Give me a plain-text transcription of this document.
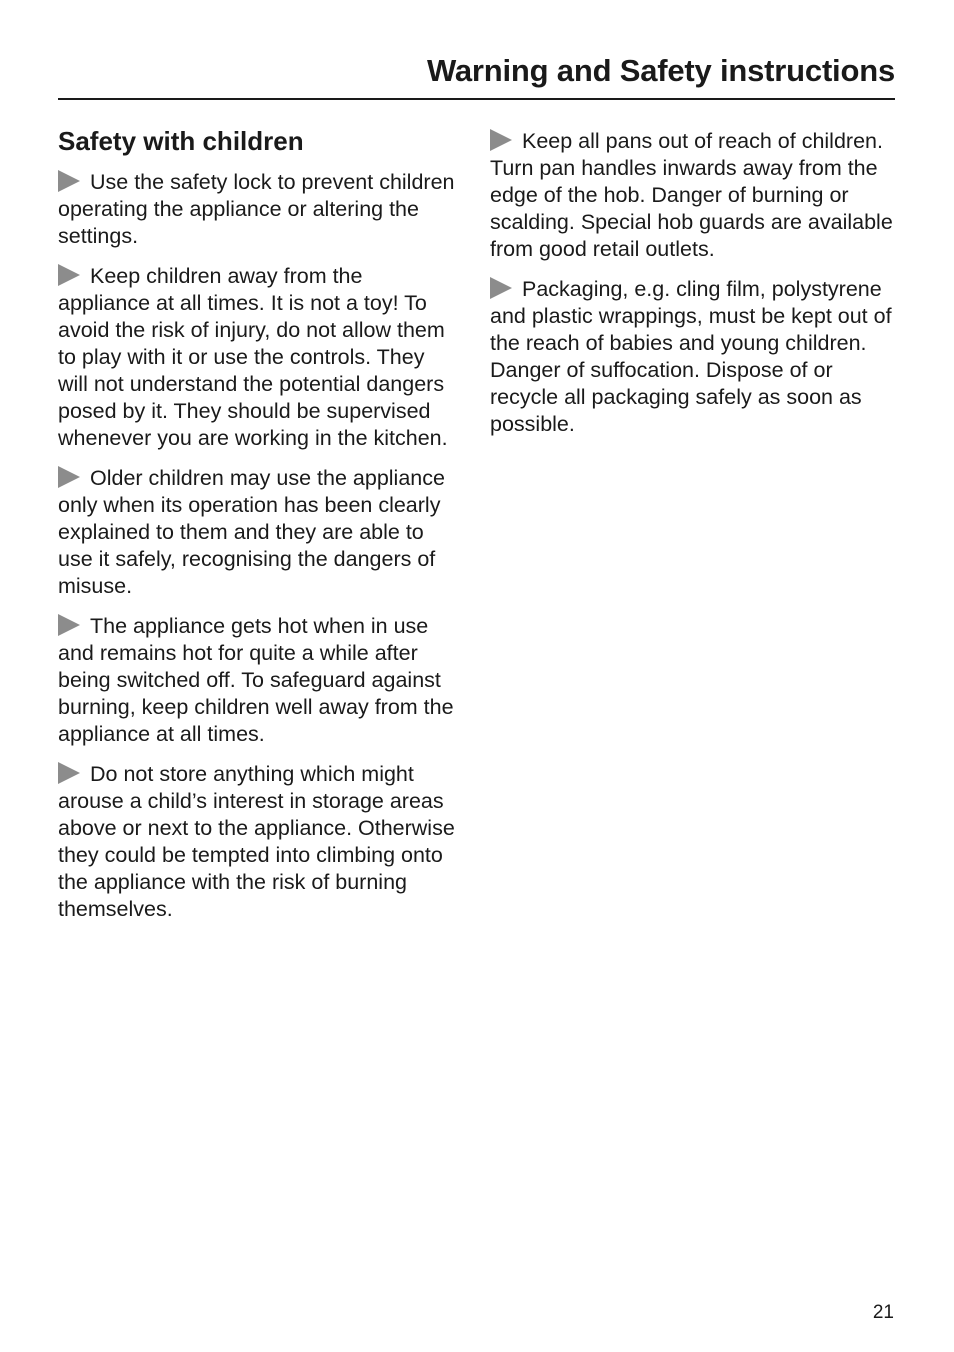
Warning and Safety instructions
Safety with children

Use the safety lock to prevent children operating the appliance or altering the settings.

Keep children away from the appliance at all times. It is not a toy! To avoid the risk of injury, do not allow them to play with it or use the controls. They will not understand the potential dangers posed by it. They should be supervised whenever you are working in the kitchen.

Older children may use the appliance only when its operation has been clearly explained to them and they are able to use it safely, recognising the dangers of misuse.

The appliance gets hot when in use and remains hot for quite a while after being switched off. To safeguard against burning, keep children well away from the appliance at all times.

Do not store anything which might arouse a child’s interest in storage areas above or next to the appliance. Otherwise they could be tempted into climbing onto the appliance with the risk of burning themselves.

Keep all pans out of reach of children. Turn pan handles inwards away from the edge of the hob. Danger of burning or scalding. Special hob guards are available from good retail outlets.

Packaging, e.g. cling film, polystyrene and plastic wrappings, must be kept out of the reach of babies and young children. Danger of suffocation. Dispose of or recycle all packaging safely as soon as possible.

21
